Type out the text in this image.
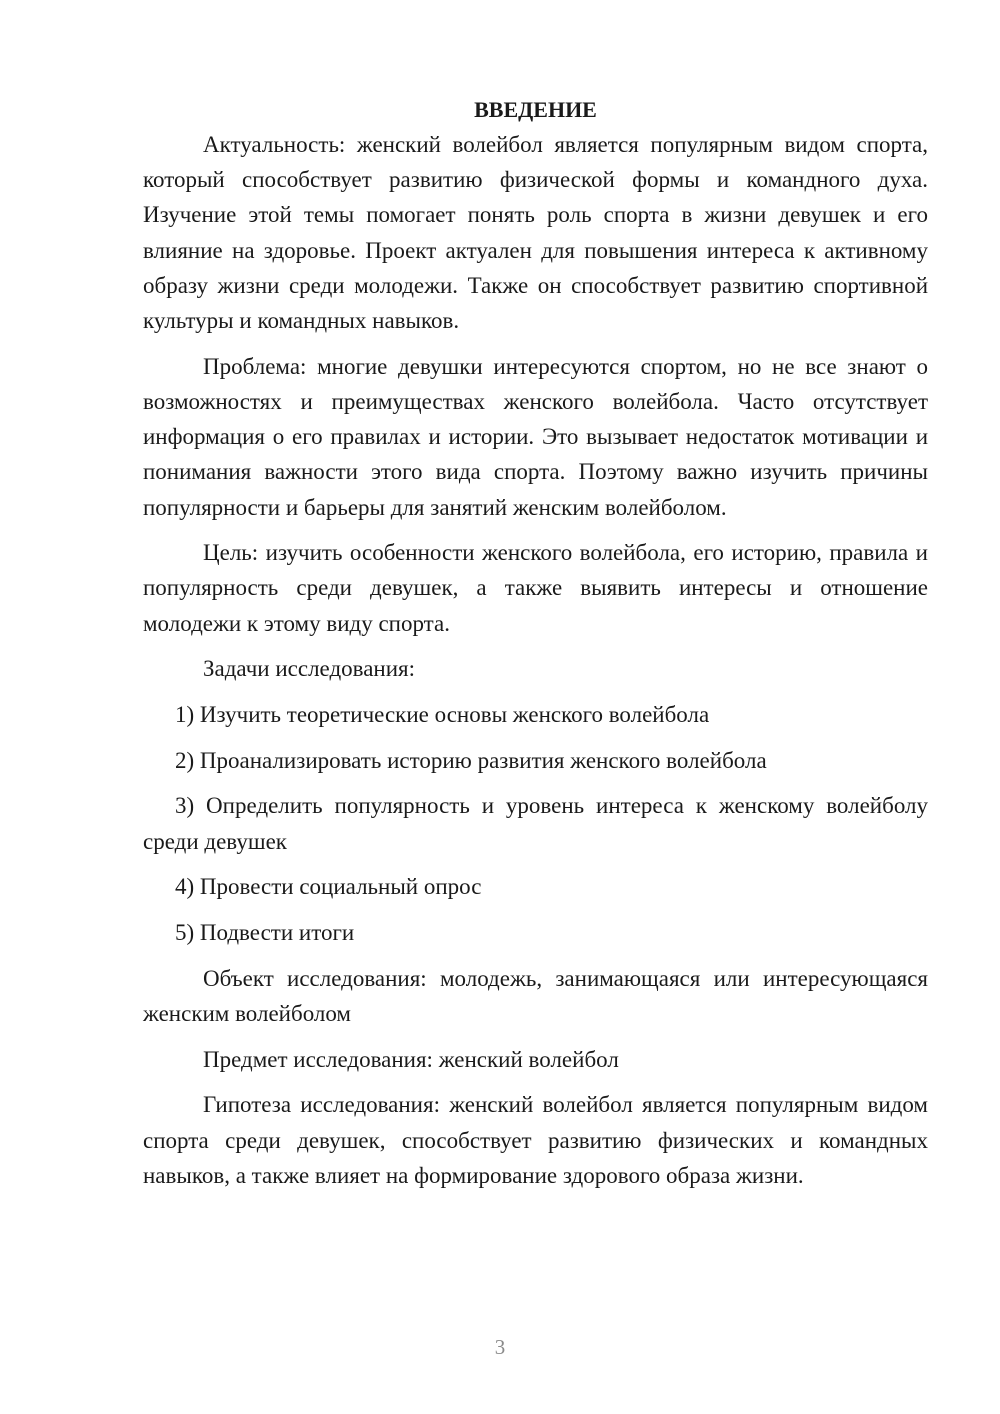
ВВЕДЕНИЕ

Актуальность: женский волейбол является популярным видом спорта, который способствует развитию физической формы и командного духа. Изучение этой темы помогает понять роль спорта в жизни девушек и его влияние на здоровье. Проект актуален для повышения интереса к активному образу жизни среди молодежи. Также он способствует развитию спортивной культуры и командных навыков.

Проблема: многие девушки интересуются спортом, но не все знают о возможностях и преимуществах женского волейбола. Часто отсутствует информация о его правилах и истории. Это вызывает недостаток мотивации и понимания важности этого вида спорта. Поэтому важно изучить причины популярности и барьеры для занятий женским волейболом.

Цель: изучить особенности женского волейбола, его историю, правила и популярность среди девушек, а также выявить интересы и отношение молодежи к этому виду спорта.

Задачи исследования:

1) Изучить теоретические основы женского волейбола

2) Проанализировать историю развития женского волейбола

3) Определить популярность и уровень интереса к женскому волейболу среди девушек

4) Провести социальный опрос

5) Подвести итоги

Объект исследования: молодежь, занимающаяся или интересующаяся женским волейболом

Предмет исследования: женский волейбол

Гипотеза исследования: женский волейбол является популярным видом спорта среди девушек, способствует развитию физических и командных навыков, а также влияет на формирование здорового образа жизни.

3
